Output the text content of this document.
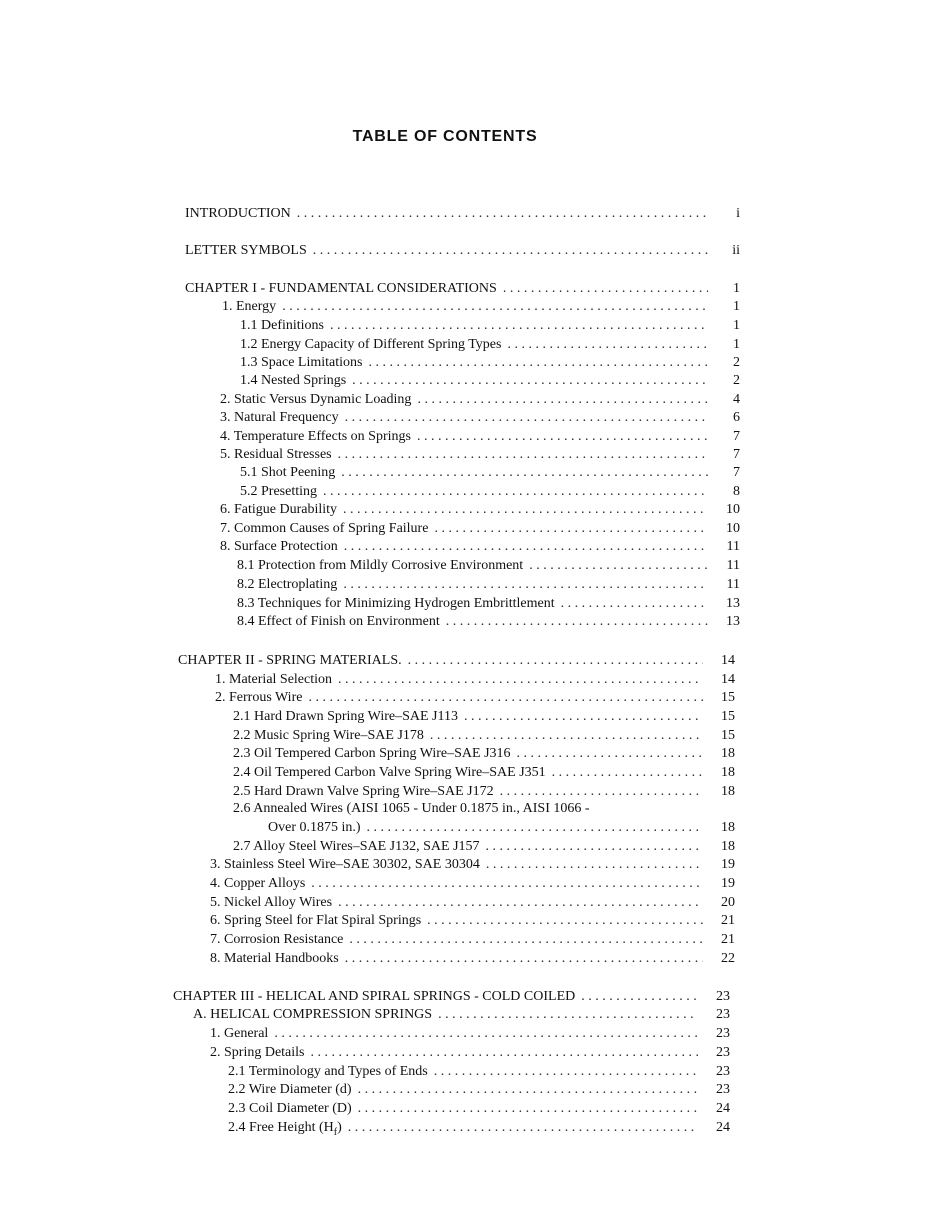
TABLE OF CONTENTS
INTRODUCTION . . .	i
LETTER SYMBOLS . . .	ii
CHAPTER I - FUNDAMENTAL CONSIDERATIONS . . .	1
1. Energy . . .	1
1.1 Definitions . . .	1
1.2 Energy Capacity of Different Spring Types . . .	1
1.3 Space Limitations . . .	2
1.4 Nested Springs . . .	2
2. Static Versus Dynamic Loading . . .	4
3. Natural Frequency . . .	6
4. Temperature Effects on Springs . . .	7
5. Residual Stresses . . .	7
5.1 Shot Peening . . .	7
5.2 Presetting . . .	8
6. Fatigue Durability . . .	10
7. Common Causes of Spring Failure . . .	10
8. Surface Protection . . .	11
8.1 Protection from Mildly Corrosive Environment . . .	11
8.2 Electroplating . . .	11
8.3 Techniques for Minimizing Hydrogen Embrittlement . . .	13
8.4 Effect of Finish on Environment . . .	13
CHAPTER II - SPRING MATERIALS. . . .	14
1. Material Selection . . .	14
2. Ferrous Wire . . .	15
2.1 Hard Drawn Spring Wire–SAE J113 . . .	15
2.2 Music Spring Wire–SAE J178 . . .	15
2.3 Oil Tempered Carbon Spring Wire–SAE J316 . . .	18
2.4 Oil Tempered Carbon Valve Spring Wire–SAE J351 . . .	18
2.5 Hard Drawn Valve Spring Wire–SAE J172 . . .	18
2.6 Annealed Wires (AISI 1065 - Under 0.1875 in., AISI 1066 -
Over 0.1875 in.) . . .	18
2.7 Alloy Steel Wires–SAE J132, SAE J157 . . .	18
3. Stainless Steel Wire–SAE 30302, SAE 30304 . . .	19
4. Copper Alloys . . .	19
5. Nickel Alloy Wires . . .	20
6. Spring Steel for Flat Spiral Springs . . .	21
7. Corrosion Resistance . . .	21
8. Material Handbooks . . .	22
CHAPTER III - HELICAL AND SPIRAL SPRINGS - COLD COILED . . .	23
A. HELICAL COMPRESSION SPRINGS . . .	23
1. General . . .	23
2. Spring Details . . .	23
2.1 Terminology and Types of Ends . . .	23
2.2 Wire Diameter (d) . . .	23
2.3 Coil Diameter (D) . . .	24
2.4 Free Height $(H_f)$ . . .	24
